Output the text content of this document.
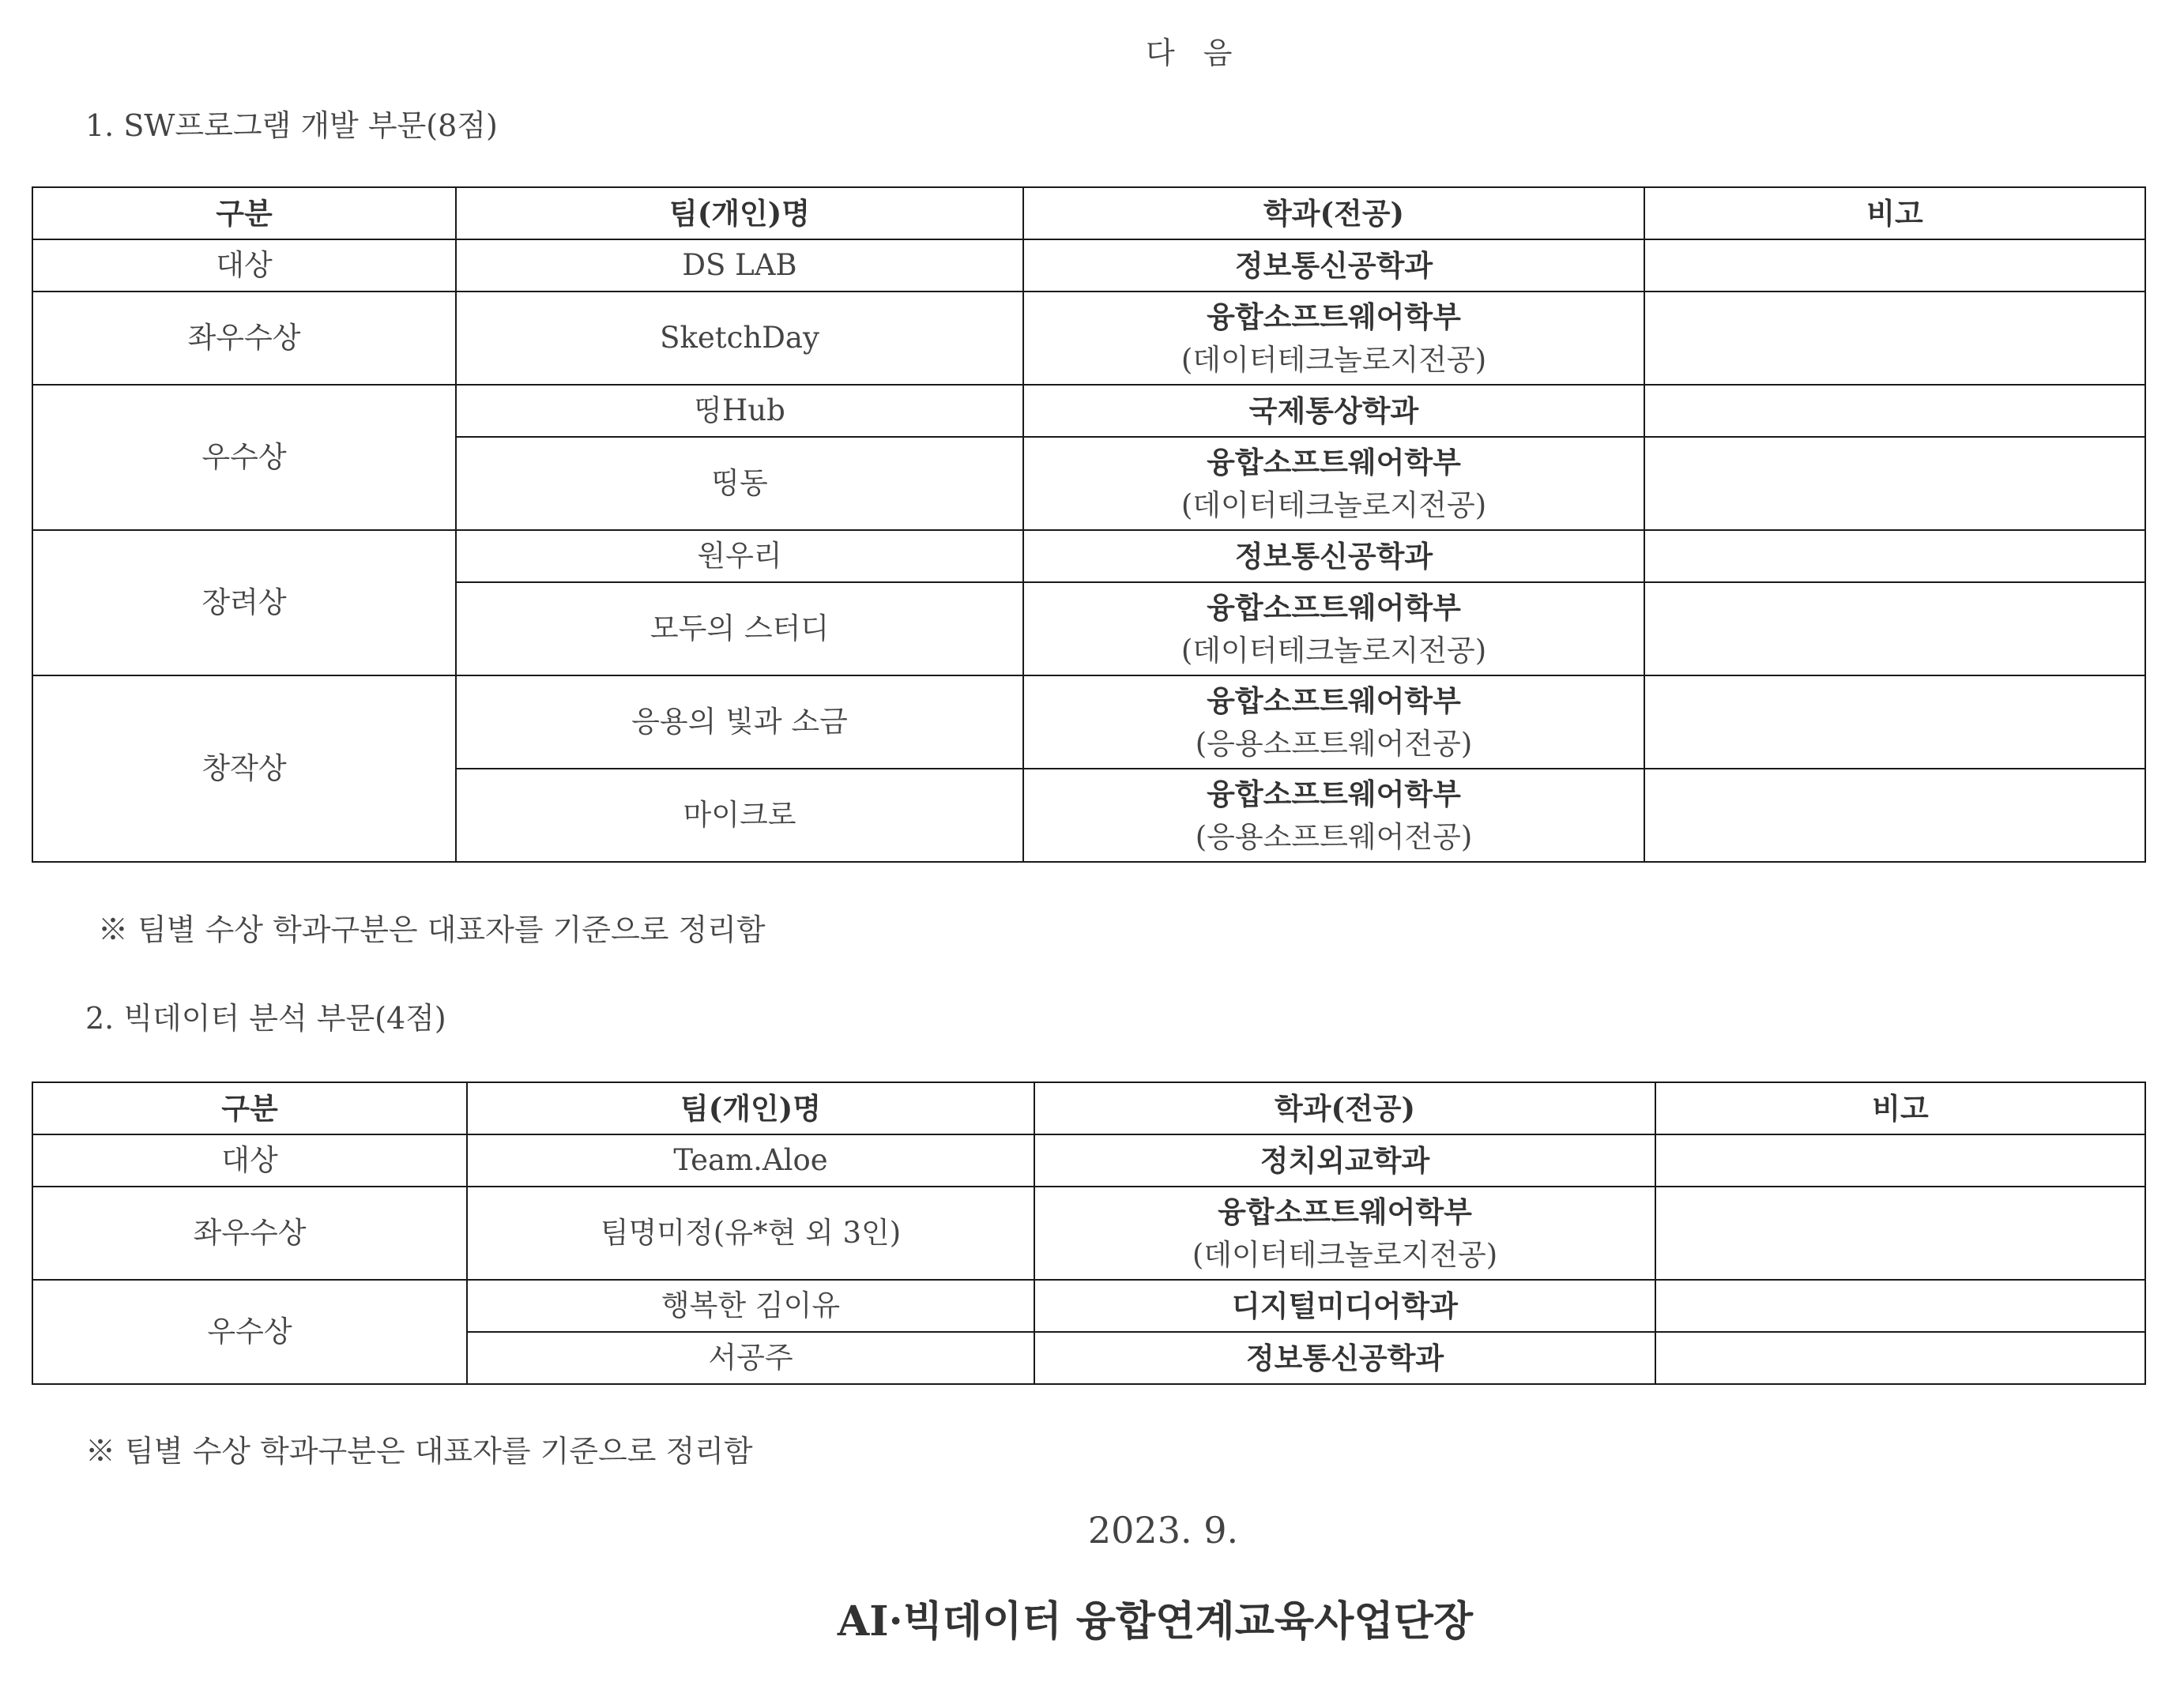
다 음
1. SW프로그램 개발 부문(8점)
구분	팀(개인)명	학과(전공)	비고
대상	DS LAB	정보통신공학과	
좌우수상	SketchDay	융합소프트웨어학부
(데이터테크놀로지전공)	

우수상	띵Hub	국제통상학과	
	띵동	융합소프트웨어학부
(데이터테크놀로지전공)	

장려상	원우리	정보통신공학과	
	모두의 스터디	융합소프트웨어학부
(데이터테크놀로지전공)	

창작상	응용의 빛과 소금	융합소프트웨어학부
(응용소프트웨어전공)	

	마이크로	융합소프트웨어학부
(응용소프트웨어전공)	

※ 팀별 수상 학과구분은 대표자를 기준으로 정리함
2. 빅데이터 분석 부문(4점)
구분	팀(개인)명	학과(전공)	비고
대상	Team.Aloe	정치외교학과	
좌우수상	팀명미정(유*현 외 3인)	융합소프트웨어학부
(데이터테크놀로지전공)	

우수상	행복한 김이유	디지털미디어학과	
	서공주	정보통신공학과	
※ 팀별 수상 학과구분은 대표자를 기준으로 정리함
2023. 9.
AI·빅데이터 융합연계교육사업단장
